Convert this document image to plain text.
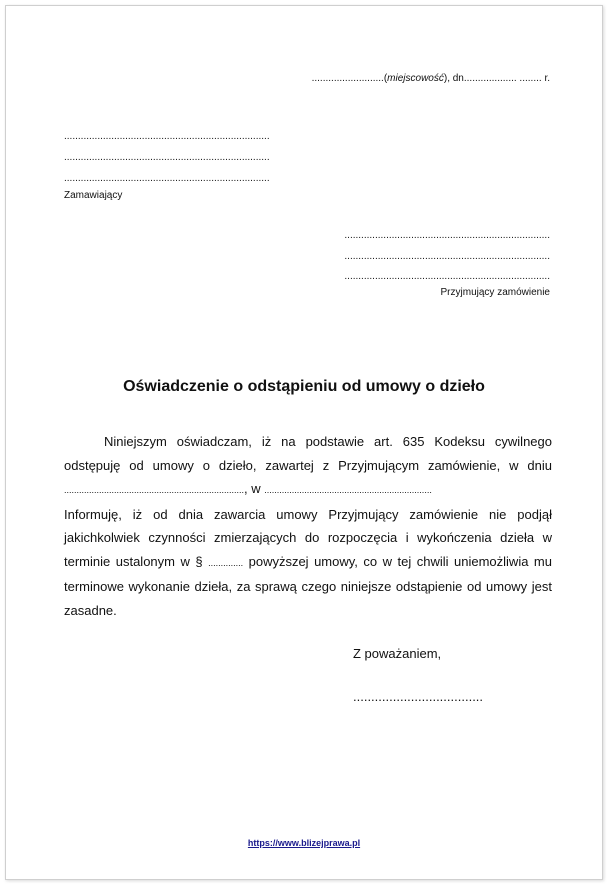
..........................(miejscowość), dn................... ........ r.
..........................................................................
..........................................................................
..........................................................................
Zamawiający
..........................................................................
..........................................................................
..........................................................................
Przyjmujący zamówienie
Oświadczenie o odstąpieniu od umowy o dzieło

Niniejszym oświadczam, iż na podstawie art. 635 Kodeksu cywilnego odstępuję od umowy o dzieło, zawartej z Przyjmującym zamówienie, w dniu ........................................................................, w ...................................................................

Informuję, iż od dnia zawarcia umowy Przyjmujący zamówienie nie podjął jakichkolwiek czynności zmierzających do rozpoczęcia i wykończenia dzieła w terminie ustalonym w § .............. powyższej umowy, co w tej chwili uniemożliwia mu terminowe wykonanie dzieła, za sprawą czego niniejsze odstąpienie od umowy jest zasadne.

Z poważaniem,
....................................
https://www.blizejprawa.pl
